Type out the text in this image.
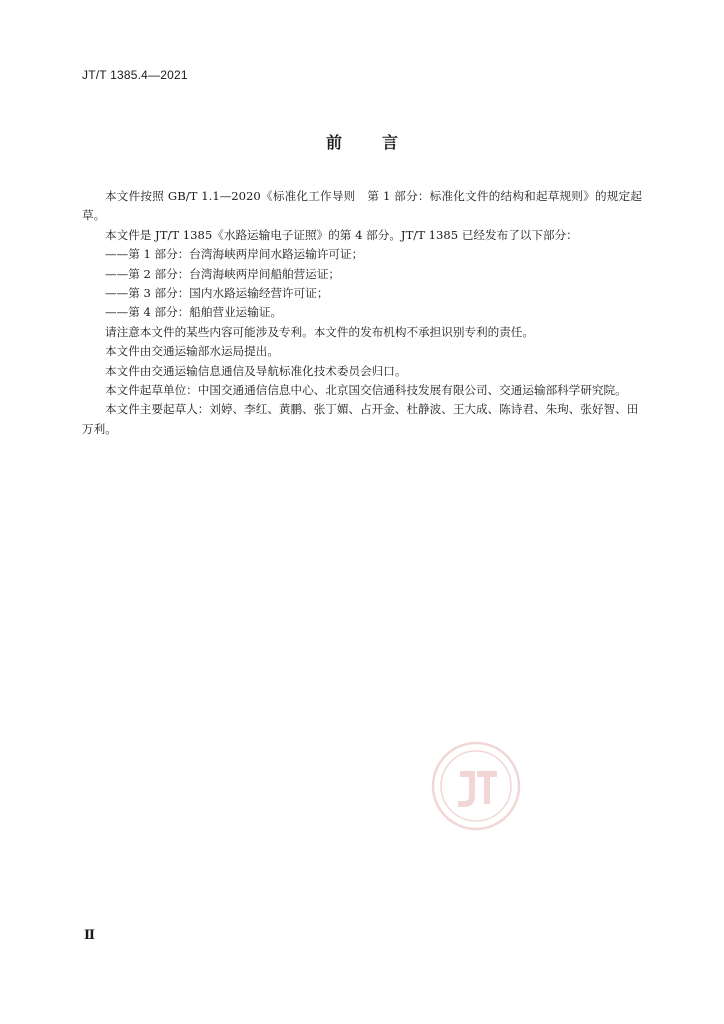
JT/T 1385.4—2021
前言

本文件按照 GB/T 1.1—2020《标准化工作导则　第 1 部分：标准化文件的结构和起草规则》的规定起草。

本文件是 JT/T 1385《水路运输电子证照》的第 4 部分。JT/T 1385 已经发布了以下部分：

——第 1 部分：台湾海峡两岸间水路运输许可证；

——第 2 部分：台湾海峡两岸间船舶营运证；

——第 3 部分：国内水路运输经营许可证；

——第 4 部分：船舶营业运输证。

请注意本文件的某些内容可能涉及专利。本文件的发布机构不承担识别专利的责任。

本文件由交通运输部水运局提出。

本文件由交通运输信息通信及导航标准化技术委员会归口。

本文件起草单位：中国交通通信信息中心、北京国交信通科技发展有限公司、交通运输部科学研究院。

本文件主要起草人：刘婷、李红、黄鹏、张丁媚、占开金、杜静波、王大成、陈诗君、朱珣、张好智、田万利。

Ⅱ
